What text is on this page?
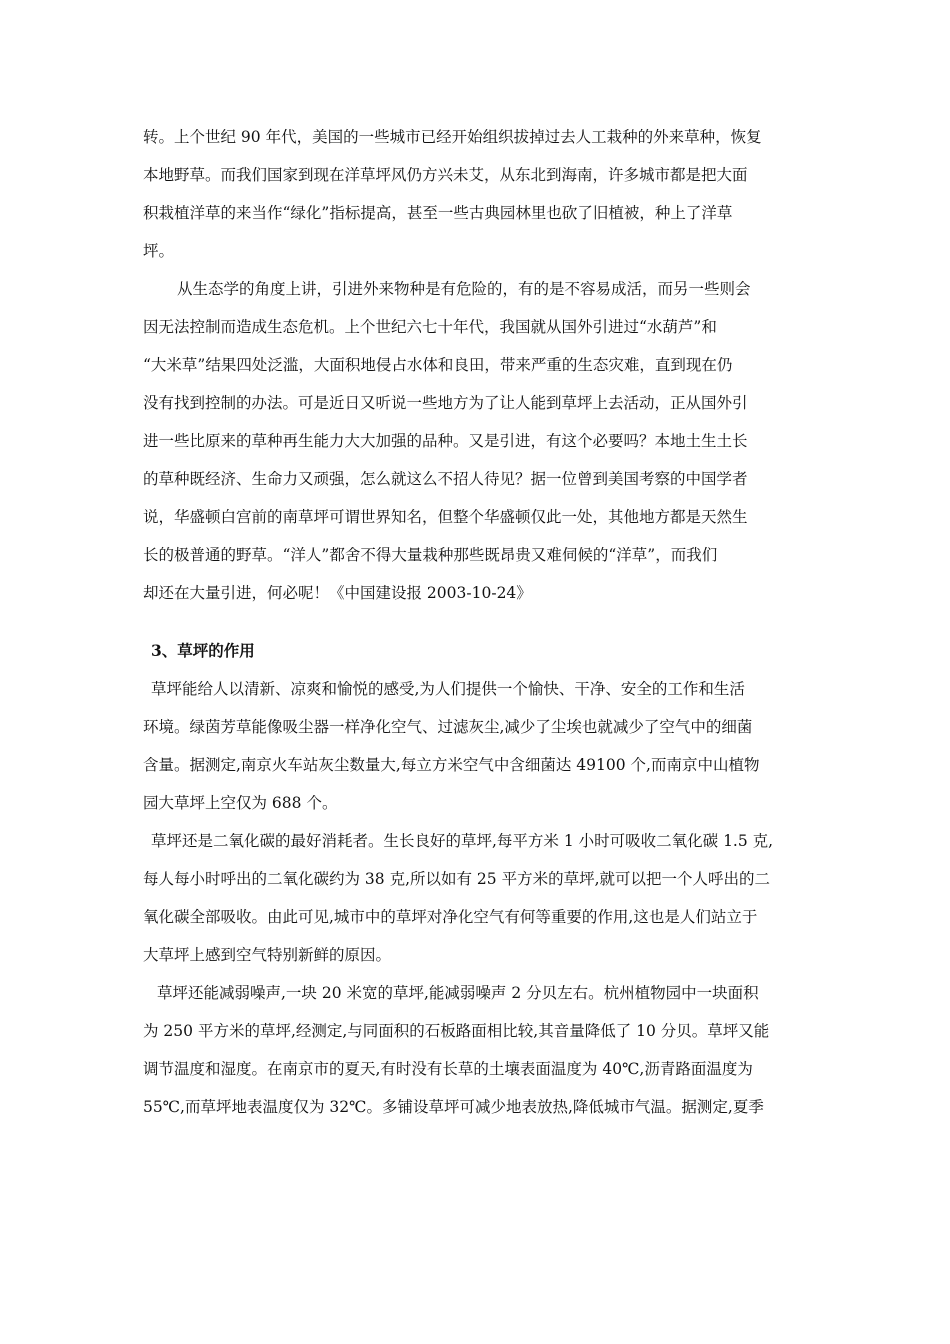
转。上个世纪 90 年代，美国的一些城市已经开始组织拔掉过去人工栽种的外来草种，恢复
本地野草。而我们国家到现在洋草坪风仍方兴未艾，从东北到海南，许多城市都是把大面
积栽植洋草的来当作“绿化”指标提高，甚至一些古典园林里也砍了旧植被，种上了洋草
坪。
从生态学的角度上讲，引进外来物种是有危险的，有的是不容易成活，而另一些则会
因无法控制而造成生态危机。上个世纪六七十年代，我国就从国外引进过“水葫芦”和
“大米草”结果四处泛滥，大面积地侵占水体和良田，带来严重的生态灾难，直到现在仍
没有找到控制的办法。可是近日又听说一些地方为了让人能到草坪上去活动，正从国外引
进一些比原来的草种再生能力大大加强的品种。又是引进，有这个必要吗？本地土生土长
的草种既经济、生命力又顽强，怎么就这么不招人待见？据一位曾到美国考察的中国学者
说，华盛顿白宫前的南草坪可谓世界知名，但整个华盛顿仅此一处，其他地方都是天然生
长的极普通的野草。“洋人”都舍不得大量栽种那些既昂贵又难伺候的“洋草”，而我们
却还在大量引进，何必呢！《中国建设报 2003-10-24》
3、草坪的作用
草坪能给人以清新、凉爽和愉悦的感受,为人们提供一个愉快、干净、安全的工作和生活
环境。绿茵芳草能像吸尘器一样净化空气、过滤灰尘,减少了尘埃也就减少了空气中的细菌
含量。据测定,南京火车站灰尘数量大,每立方米空气中含细菌达 49100 个,而南京中山植物
园大草坪上空仅为 688 个。
草坪还是二氧化碳的最好消耗者。生长良好的草坪,每平方米 1 小时可吸收二氧化碳 1.5 克,
每人每小时呼出的二氧化碳约为 38 克,所以如有 25 平方米的草坪,就可以把一个人呼出的二
氧化碳全部吸收。由此可见,城市中的草坪对净化空气有何等重要的作用,这也是人们站立于
大草坪上感到空气特别新鲜的原因。
草坪还能减弱噪声,一块 20 米宽的草坪,能减弱噪声 2 分贝左右。杭州植物园中一块面积
为 250 平方米的草坪,经测定,与同面积的石板路面相比较,其音量降低了 10 分贝。草坪又能
调节温度和湿度。在南京市的夏天,有时没有长草的土壤表面温度为 40℃,沥青路面温度为
55℃,而草坪地表温度仅为 32℃。多铺设草坪可减少地表放热,降低城市气温。据测定,夏季
